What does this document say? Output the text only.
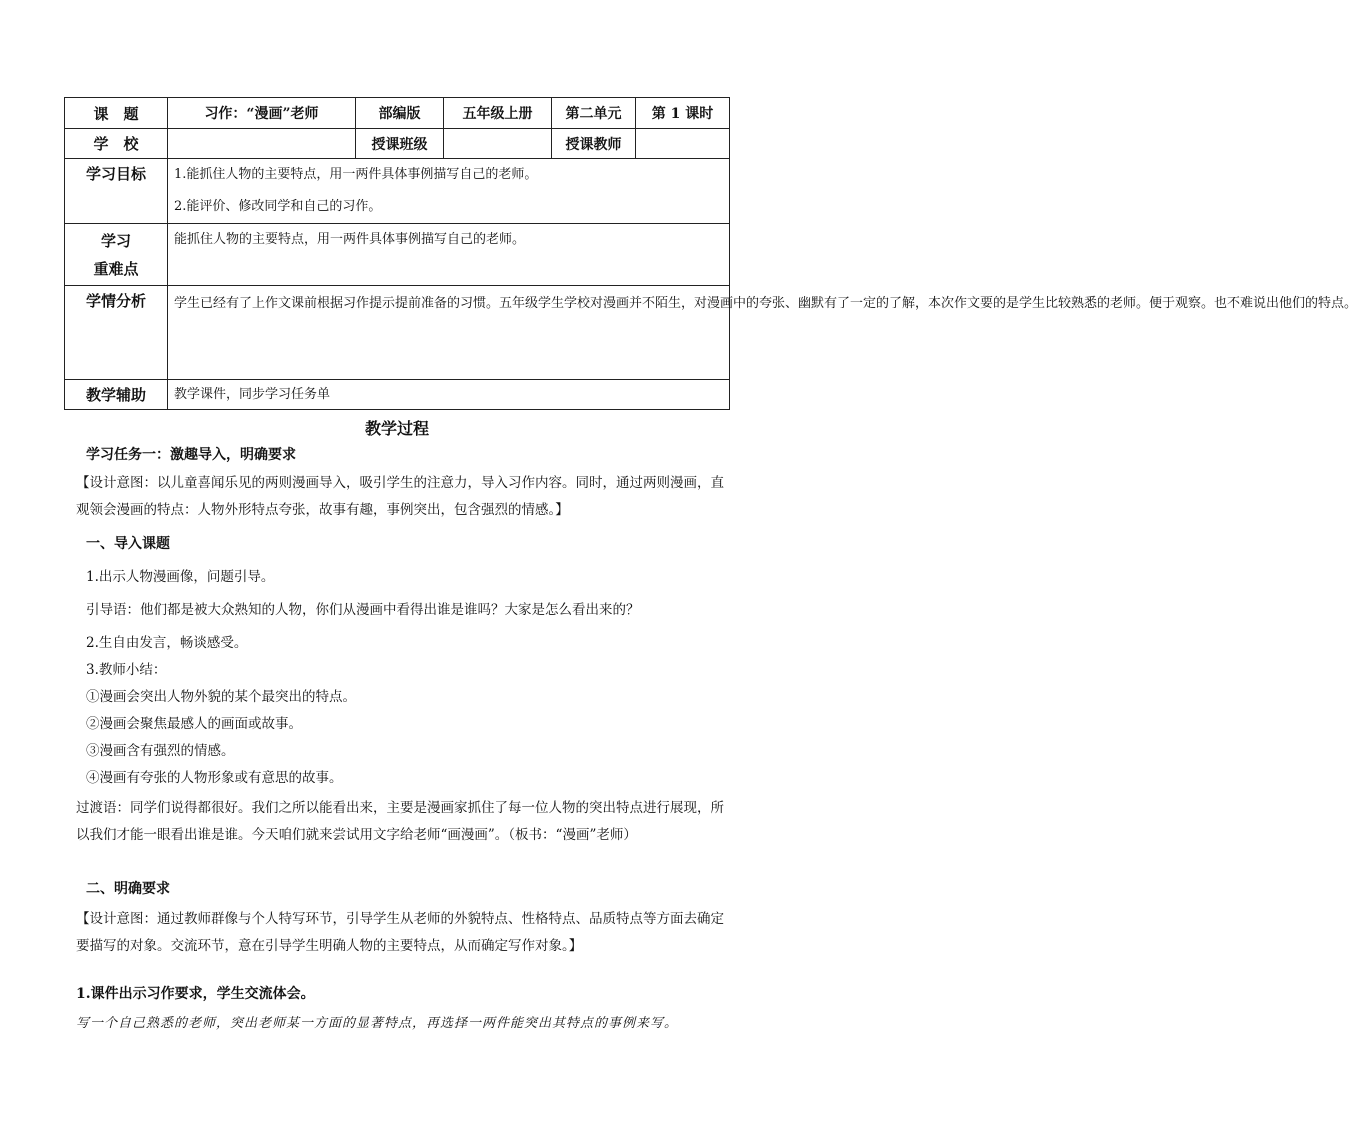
课　题	习作：“漫画”老师	部编版	五年级上册	第二单元	第 1 课时
学　校		授课班级		授课教师	
学习目标	1.能抓住人物的主要特点，用一两件具体事例描写自己的老师。

2.能评价、修改同学和自己的习作。				

学习
重难点	能抓住人物的主要特点，用一两件具体事例描写自己的老师。				
学情分析	学生已经有了上作文课前根据习作提示提前准备的习惯。五年级学生学校对漫画并不陌生，对漫画中的夸张、幽默有了一定的了解，本次作文要的是学生比较熟悉的老师。便于观察。也不难说出他们的特点。				
教学辅助	教学课件，同步学习任务单				
教学过程

学习任务一：激趣导入，明确要求

【设计意图：以儿童喜闻乐见的两则漫画导入，吸引学生的注意力，导入习作内容。同时，通过两则漫画，直观领会漫画的特点：人物外形特点夸张，故事有趣，事例突出，包含强烈的情感。】

一、导入课题

1.出示人物漫画像，问题引导。

引导语：他们都是被大众熟知的人物，你们从漫画中看得出谁是谁吗？大家是怎么看出来的？

2.生自由发言，畅谈感受。

3.教师小结：

①漫画会突出人物外貌的某个最突出的特点。

②漫画会聚焦最感人的画面或故事。

③漫画含有强烈的情感。

④漫画有夸张的人物形象或有意思的故事。

过渡语：同学们说得都很好。我们之所以能看出来，主要是漫画家抓住了每一位人物的突出特点进行展现，所以我们才能一眼看出谁是谁。今天咱们就来尝试用文字给老师“画漫画”。（板书：“漫画”老师）

二、明确要求

【设计意图：通过教师群像与个人特写环节，引导学生从老师的外貌特点、性格特点、品质特点等方面去确定要描写的对象。交流环节，意在引导学生明确人物的主要特点，从而确定写作对象。】

1.课件出示习作要求，学生交流体会。

写一个自己熟悉的老师，突出老师某一方面的显著特点，再选择一两件能突出其特点的事例来写。
